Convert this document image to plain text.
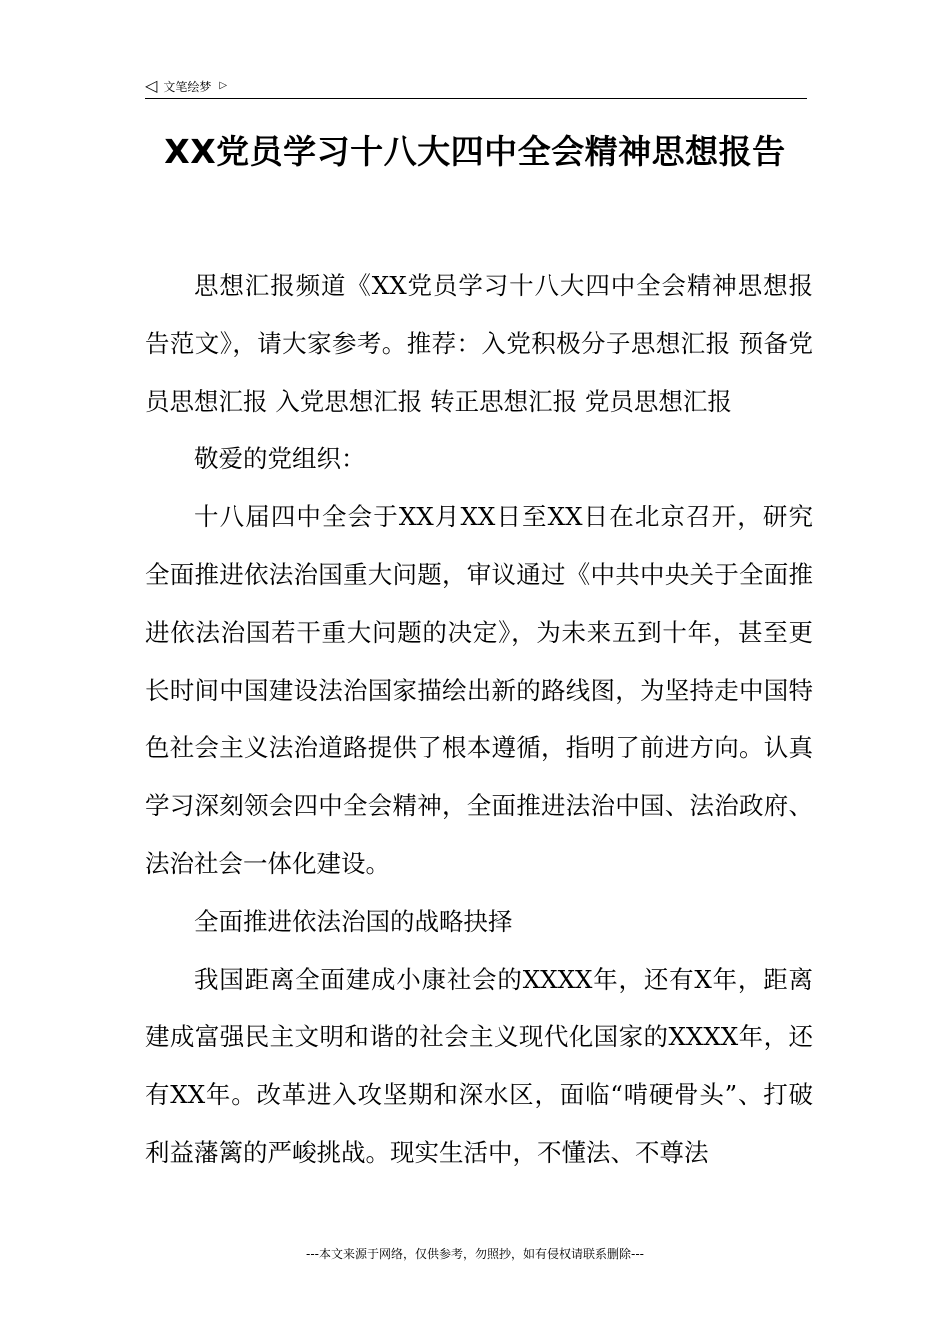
◁ 文笔绘梦 ▷
XX党员学习十八大四中全会精神思想报告

思想汇报频道《XX党员学习十八大四中全会精神思想报告范文》，请大家参考。推荐：入党积极分子思想汇报 预备党员思想汇报 入党思想汇报 转正思想汇报 党员思想汇报

敬爱的党组织：

十八届四中全会于XX月XX日至XX日在北京召开，研究全面推进依法治国重大问题，审议通过《中共中央关于全面推进依法治国若干重大问题的决定》，为未来五到十年，甚至更长时间中国建设法治国家描绘出新的路线图，为坚持走中国特色社会主义法治道路提供了根本遵循，指明了前进方向。认真学习深刻领会四中全会精神，全面推进法治中国、法治政府、法治社会一体化建设。

全面推进依法治国的战略抉择

我国距离全面建成小康社会的XXXX年，还有X年，距离建成富强民主文明和谐的社会主义现代化国家的XXXX年，还有XX年。改革进入攻坚期和深水区，面临“啃硬骨头”、打破利益藩篱的严峻挑战。现实生活中，不懂法、不尊法

---本文来源于网络，仅供参考，勿照抄，如有侵权请联系删除---
